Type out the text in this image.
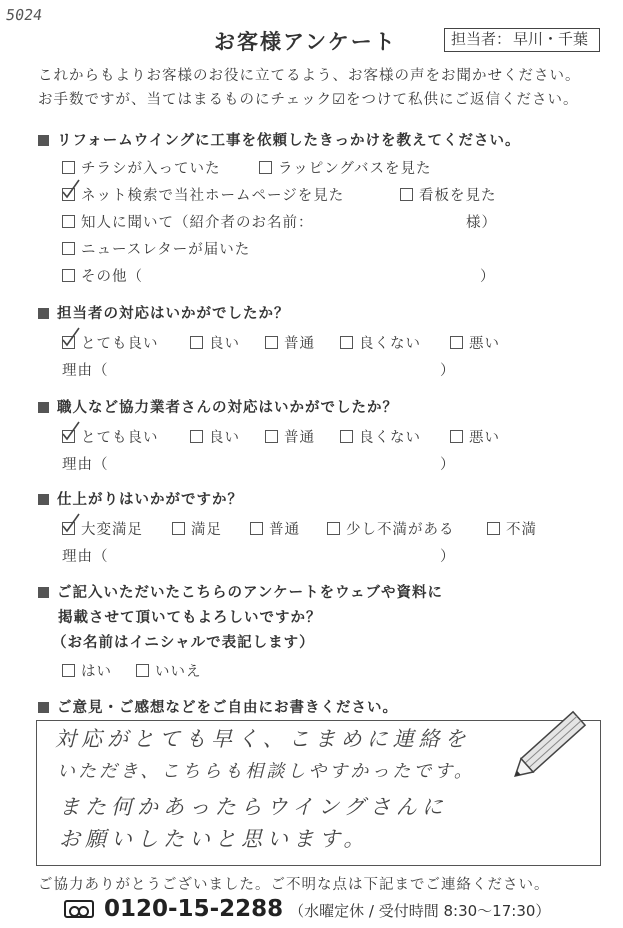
5024
お客様アンケート	担当者： 早川・千葉
これからもよりお客様のお役に立てるよう、お客様の声をお聞かせください。
お手数ですが、当てはまるものにチェック☑をつけて私供にご返信ください。
リフォームウイングに工事を依頼したきっかけを教えてください。
チラシが入っていた	ラッピングバスを見た
ネット検索で当社ホームページを見た	看板を見た
知人に聞いて（紹介者のお名前：	様）
ニュースレターが届いた
その他（	）
担当者の対応はいかがでしたか？
とても良い	良い	普通	良くない	悪い
理由（	）
職人など協力業者さんの対応はいかがでしたか？
とても良い	良い	普通	良くない	悪い
理由（	）
仕上がりはいかがですか？
大変満足	満足	普通	少し不満がある	不満
理由（	）
ご記入いただいたこちらのアンケートをウェブや資料に
掲載させて頂いてもよろしいですか？
（お名前はイニシャルで表記します）
はい	いいえ
ご意見・ご感想などをご自由にお書きください。
対応がとても早く、こまめに連絡を
いただき、こちらも相談しやすかったです。
また何かあったらウイングさんに
お願いしたいと思います。
ご協力ありがとうございました。ご不明な点は下記までご連絡ください。
0120-15-2288 （水曜定休 / 受付時間 8:30〜17:30）
